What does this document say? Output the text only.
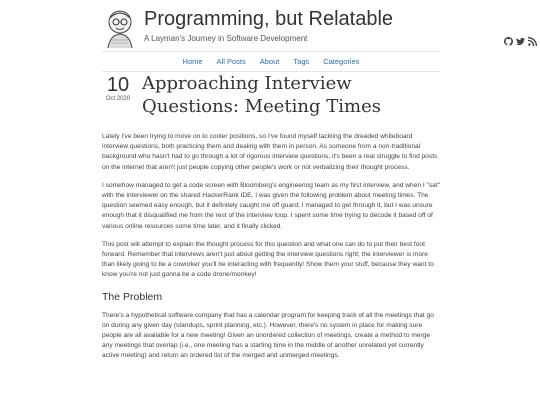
Programming, but Relatable
A Layman's Journey in Software Development
Home All Posts About Tags Categories
10
Oct 2020
Approaching Interview Questions: Meeting Times

Lately I've been trying to move on to cooler positions, so I've found myself tackling the dreaded whiteboard interview questions, both practicing them and dealing with them in person. As someone from a non-traditional background who hasn't had to go through a lot of rigorous interview questions, it's been a real struggle to find posts on the internet that aren't just people copying other people's work or not verbalizing their thought process.

I somehow managed to get a code screen with Bloomberg's engineering team as my first interview, and when I "sat" with the interviewer on the shared HackerRank IDE, I was given the following problem about meeting times. The question seemed easy enough, but it definitely caught me off guard; I managed to get through it, but I was unsure enough that it disqualified me from the rest of the interview loop. I spent some time trying to decode it based off of various online resources some time later, and it finally clicked.

This post will attempt to explain the thought process for this question and what one can do to put their best foot forward. Remember that interviews aren't just about getting the interview questions right; the interviewer is more than likely going to be a coworker you'll be interacting with frequently! Show them your stuff, because they want to know you're not just gonna be a code drone/monkey!

The Problem

There's a hypothetical software company that has a calendar program for keeping track of all the meetings that go on during any given day (standups, sprint planning, etc.). However, there's no system in place for making sure people are all available for a new meeting! Given an unordered collection of meetings, create a method to merge any meetings that overlap (i.e., one meeting has a starting time in the middle of another unrelated yet currently active meeting) and return an ordered list of the merged and unmerged meetings.
